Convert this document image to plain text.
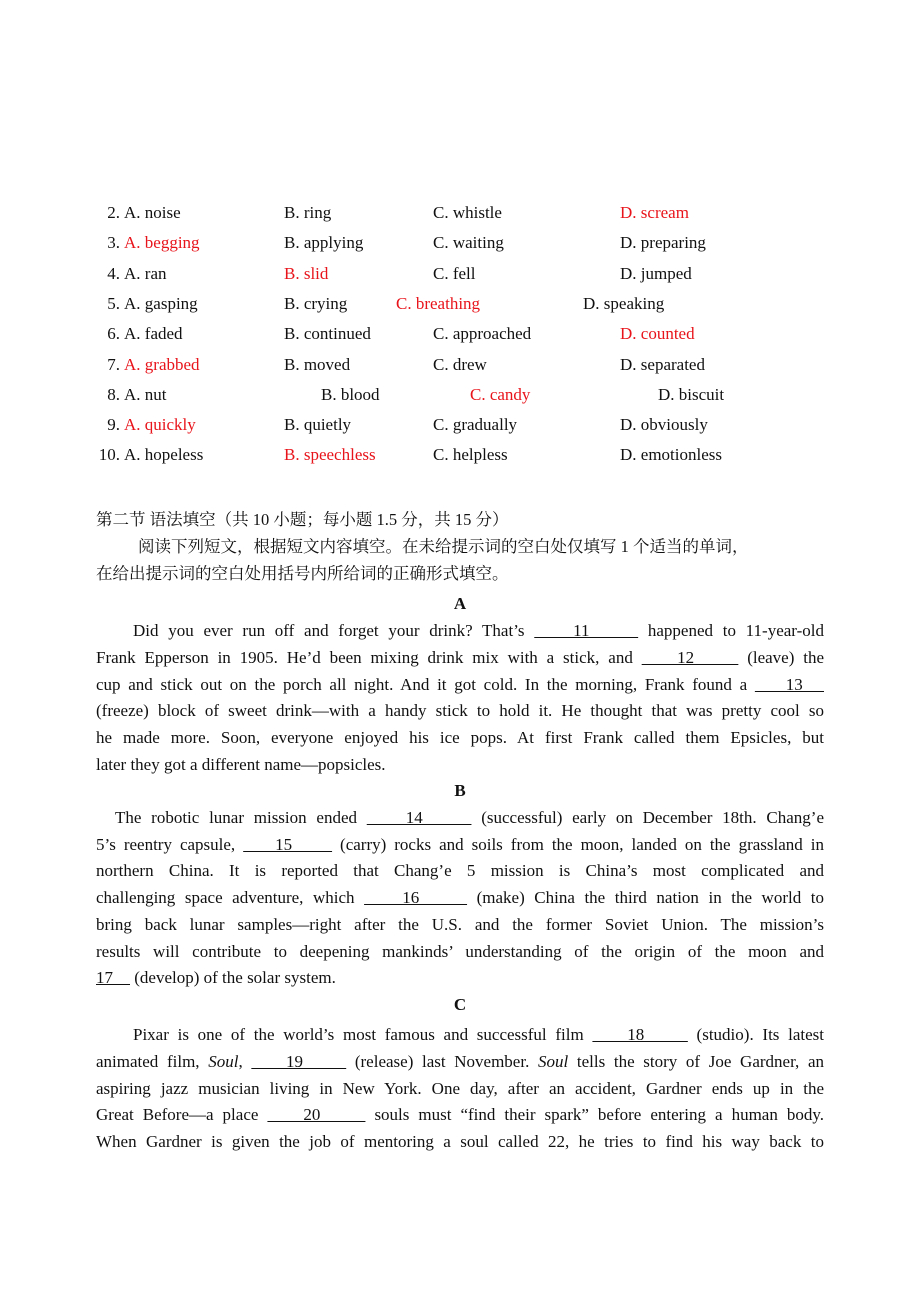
2. A. noise	B. ring	C. whistle	D. scream
3. A. begging	B. applying	C. waiting	D. preparing
4. A. ran	B. slid	C. fell	D. jumped
5. A. gasping	B. crying	C. breathing	D. speaking
6. A. faded	B. continued	C. approached	D. counted
7. A. grabbed	B. moved	C. drew	D. separated
8. A. nut	B. blood	C. candy	D. biscuit
9. A. quickly	B. quietly	C. gradually	D. obviously
10. A. hopeless	B. speechless	C. helpless	D. emotionless
第二节 语法填空（共 10 小题；每小题 1.5 分，共 15 分）
阅读下列短文，根据短文内容填空。在未给提示词的空白处仅填写 1 个适当的单词，
在给出提示词的空白处用括号内所给词的正确形式填空。
A
Did you ever run off and forget your drink? That’s     11      happened to 11-year-old
Frank Epperson in 1905. He’d been mixing drink mix with a stick, and     12      (leave) the
cup and stick out on the porch all night. And it got cold. In the morning, Frank found a     13
(freeze) block of sweet drink—with a handy stick to hold it. He thought that was pretty cool so
he made more. Soon, everyone enjoyed his ice pops. At first Frank called them Epsicles, but
later they got a different name—popsicles.
B
The robotic lunar mission ended     14      (successful) early on December 18th. Chang’e
5’s reentry capsule,     15      (carry) rocks and soils from the moon, landed on the grassland in
northern China. It is reported that Chang’e 5 mission is China’s most complicated and
challenging space adventure, which     16      (make) China the third nation in the world to
bring back lunar samples—right after the U.S. and the former Soviet Union. The mission’s
results will contribute to deepening mankinds’ understanding of the origin of the moon and
17     (develop) of the solar system.
C
Pixar is one of the world’s most famous and successful film     18      (studio). Its latest
animated film, Soul,     19      (release) last November. Soul tells the story of Joe Gardner, an
aspiring jazz musician living in New York. One day, after an accident, Gardner ends up in the
Great Before—a place     20      souls must “find their spark” before entering a human body.
When Gardner is given the job of mentoring a soul called 22, he tries to find his way back to
